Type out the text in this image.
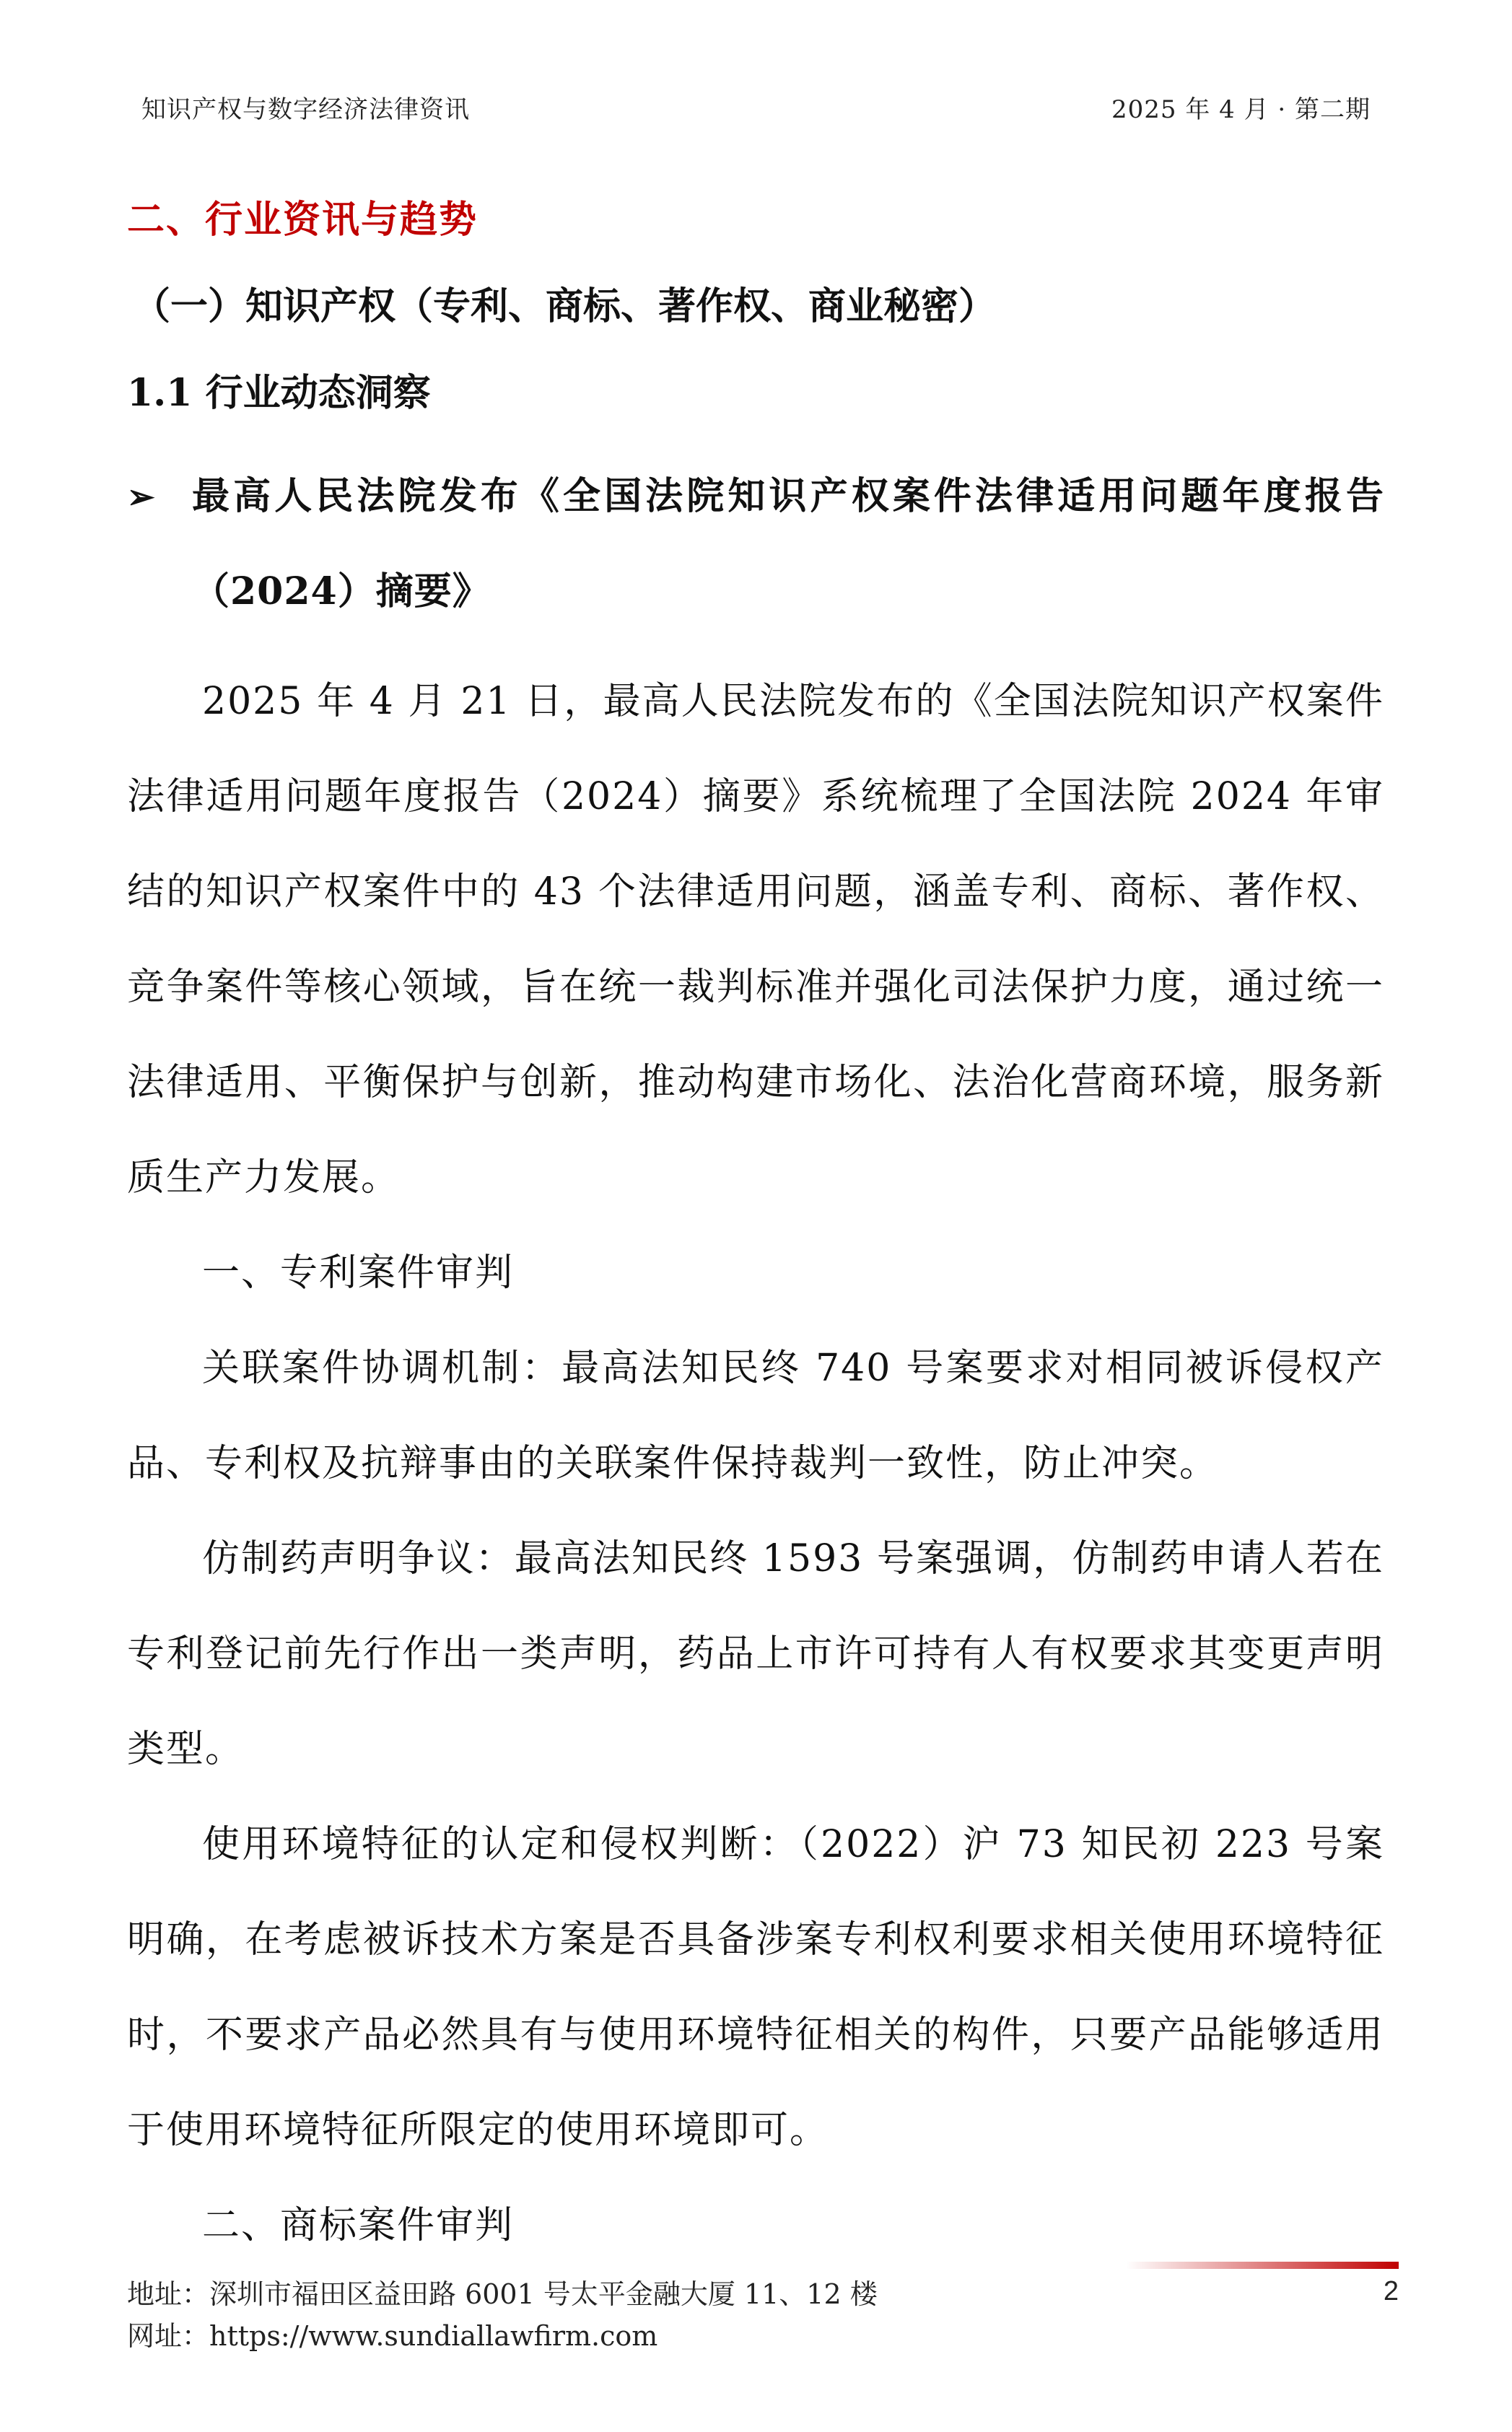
知识产权与数字经济法律资讯	2025 年 4 月 · 第二期
二、行业资讯与趋势
（一）知识产权（专利、商标、著作权、商业秘密）
1.1 行业动态洞察
➢ 最高人民法院发布《全国法院知识产权案件法律适用问题年度报告（2024）摘要》

2025 年 4 月 21 日，最高人民法院发布的《全国法院知识产权案件法律适用问题年度报告（2024）摘要》系统梳理了全国法院 2024 年审结的知识产权案件中的 43 个法律适用问题，涵盖专利、商标、著作权、竞争案件等核心领域，旨在统一裁判标准并强化司法保护力度，通过统一法律适用、平衡保护与创新，推动构建市场化、法治化营商环境，服务新质生产力发展。

一、专利案件审判

关联案件协调机制：最高法知民终 740 号案要求对相同被诉侵权产品、专利权及抗辩事由的关联案件保持裁判一致性，防止冲突。

仿制药声明争议：最高法知民终 1593 号案强调，仿制药申请人若在专利登记前先行作出一类声明，药品上市许可持有人有权要求其变更声明类型。

使用环境特征的认定和侵权判断：（2022）沪 73 知民初 223 号案明确，在考虑被诉技术方案是否具备涉案专利权利要求相关使用环境特征时，不要求产品必然具有与使用环境特征相关的构件，只要产品能够适用于使用环境特征所限定的使用环境即可。

二、商标案件审判

地址：深圳市福田区益田路 6001 号太平金融大厦 11、12 楼
网址：https://www.sundiallawfirm.com
2
